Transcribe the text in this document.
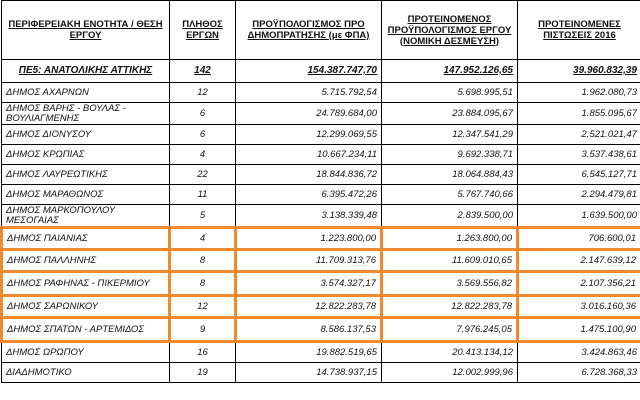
ΠΕΡΙΦΕΡΕΙΑΚΗ ΕΝΟΤΗΤΑ / ΘΕΣΗ ΕΡΓΟΥ	ΠΛΗΘΟΣ ΕΡΓΩΝ	ΠΡΟΫΠΟΛΟΓΙΣΜΟΣ ΠΡΟ ΔΗΜΟΠΡΑΤΗΣΗΣ (με ΦΠΑ)	ΠΡΟΤΕΙΝΟΜΕΝΟΣ ΠΡΟΫΠΟΛΟΓΙΣΜΟΣ ΕΡΓΟΥ (ΝΟΜΙΚΗ ΔΕΣΜΕΥΣΗ)	ΠΡΟΤΕΙΝΟΜΕΝΕΣ ΠΙΣΤΩΣΕΙΣ 2016
ΠΕ5: ΑΝΑΤΟΛΙΚΗΣ ΑΤΤΙΚΗΣ	142	154.387.747,70	147.952.126,65	39.960.832,39
ΔΗΜΟΣ ΑΧΑΡΝΩΝ	12	5.715.792,54	5.698.995,51	1.962.080,73
ΔΗΜΟΣ ΒΑΡΗΣ - ΒΟΥΛΑΣ - ΒΟΥΛΙΑΓΜΕΝΗΣ	6	24.789.684,00	23.884.095,67	1.855.095,67
ΔΗΜΟΣ ΔΙΟΝΥΣΟΥ	6	12.299.069,55	12.347.541,29	2.521.021,47
ΔΗΜΟΣ ΚΡΩΠΙΑΣ	4	10.667.234,11	9.692.338,71	3.537.438,61
ΔΗΜΟΣ ΛΑΥΡΕΩΤΙΚΗΣ	22	18.844.836,72	18.064.884,43	6.545.127,71
ΔΗΜΟΣ ΜΑΡΑΘΩΝΟΣ	11	6.395.472,26	5.767.740,66	2.294.479,81
ΔΗΜΟΣ ΜΑΡΚΟΠΟΥΛΟΥ ΜΕΣΟΓΑΙΑΣ	5	3.138.339,48	2.839.500,00	1.639.500,00
ΔΗΜΟΣ ΠΑΙΑΝΙΑΣ	4	1.223.800,00	1.263.800,00	706.600,01
ΔΗΜΟΣ ΠΑΛΛΗΝΗΣ	8	11.709.313,76	11.609.010,65	2.147.639,12
ΔΗΜΟΣ ΡΑΦΗΝΑΣ - ΠΙΚΕΡΜΙΟΥ	8	3.574.327,17	3.569.556,82	2.107.356,21
ΔΗΜΟΣ ΣΑΡΩΝΙΚΟΥ	12	12.822.283,78	12.822.283,78	3.016.160,36
ΔΗΜΟΣ ΣΠΑΤΩΝ - ΑΡΤΕΜΙΔΟΣ	9	8.586.137,53	7.976.245,05	1.475.100,90
ΔΗΜΟΣ ΩΡΩΠΟΥ	16	19.882.519,65	20.413.134,12	3.424.863,46
ΔΙΑΔΗΜΟΤΙΚΟ	19	14.738.937,15	12.002.999,96	6.728.368,33
